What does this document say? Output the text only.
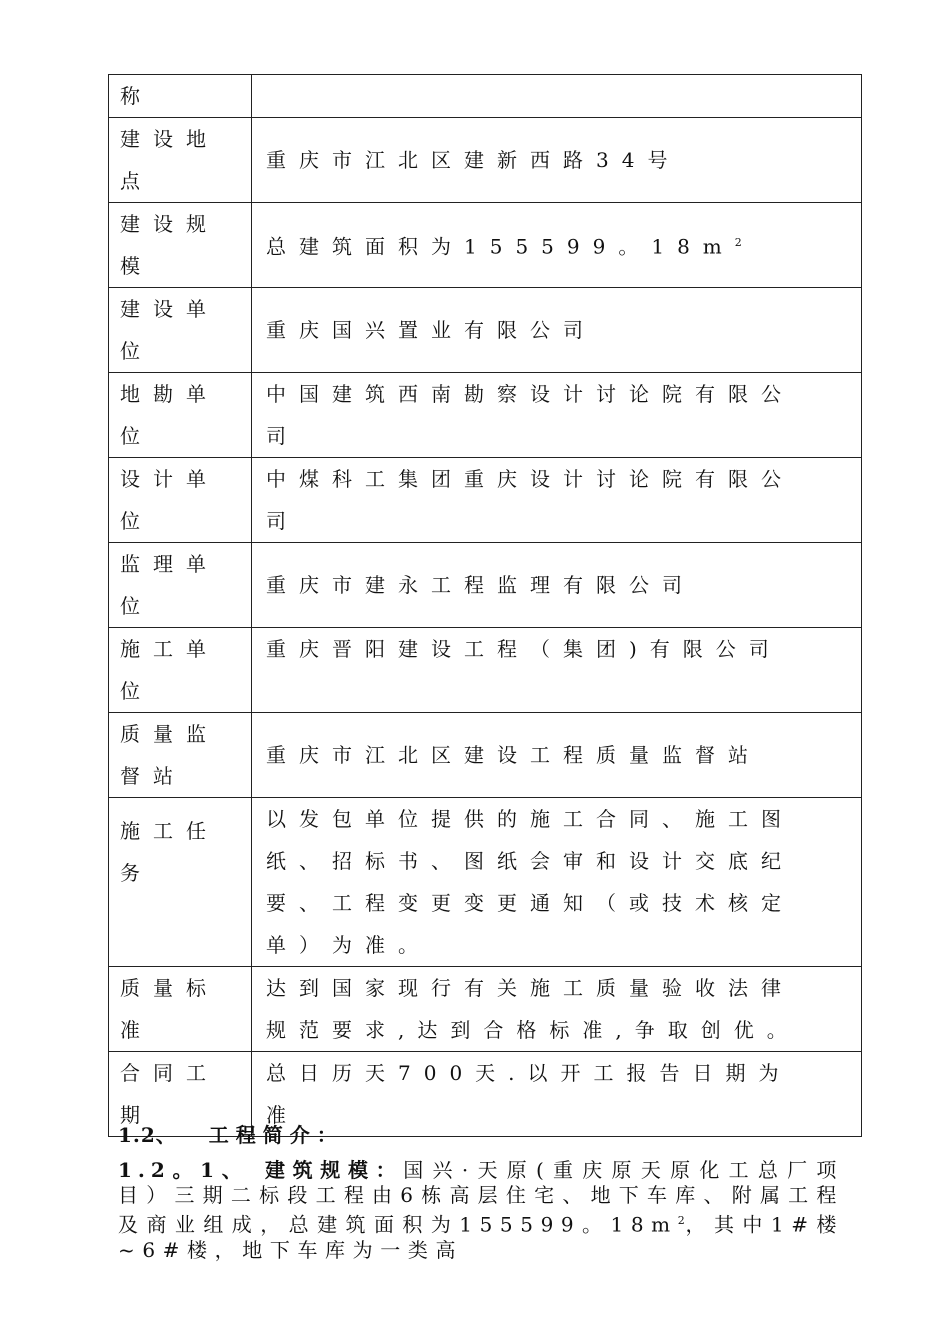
称	
建设地点	重庆市江北区建新西路34号
建设规模	总建筑面积为155599。$18m^2$
建设单位	重庆国兴置业有限公司
地勘单位	中国建筑西南勘察设计讨论院有限公司
设计单位	中煤科工集团重庆设计讨论院有限公司
监理单位	重庆市建永工程监理有限公司
施工单位	重庆晋阳建设工程（集团)有限公司
质量监督站	重庆市江北区建设工程质量监督站
施工任务	以发包单位提供的施工合同、施工图纸、招标书、图纸会审和设计交底纪要、工程变更变更通知（或技术核定单）为准。
质量标准	达到国家现行有关施工质量验收法律规范要求,达到合格标准,争取创优。
合同工期	总日历天700天.以开工报告日期为准
1.2、 工程简介：
1.2。1、 建筑规模：国兴·天原(重庆原天原化工总厂项目）三期二标段工程由6栋高层住宅、地下车库、附属工程及商业组成，总建筑面积为155599。$18m^2$，其中1#楼~6#楼，地下车库为一类高
